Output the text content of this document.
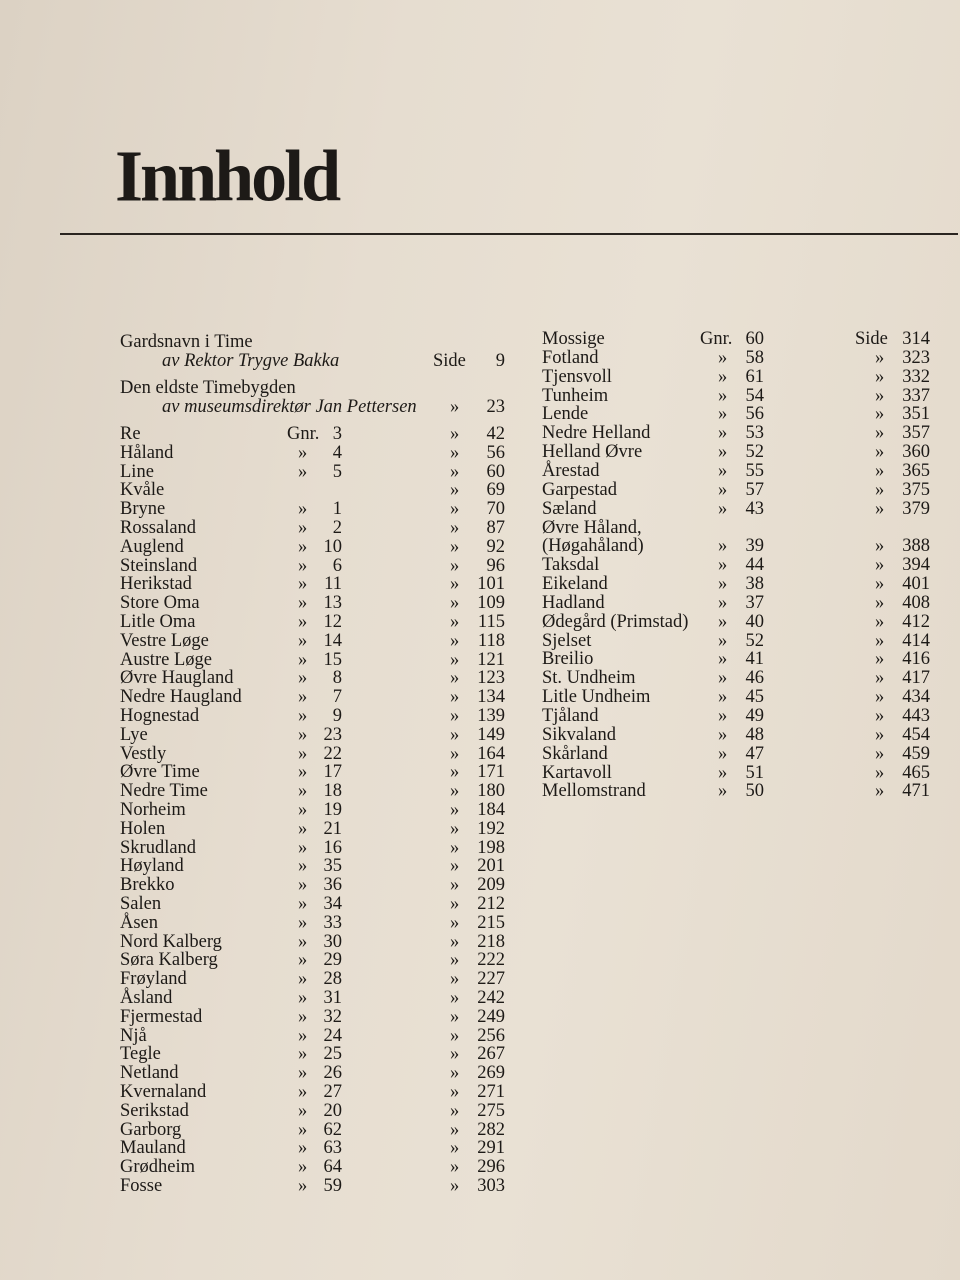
Innhold
Gardsnavn i Time
av Rektor Trygve Bakka	Side	9
Den eldste Timebygden
av museumsdirektør Jan Pettersen »	23
Re	Gnr. 3	»	42
Håland	»	4	»	56
Line	»	5	»	60
Kvåle	»	69
Bryne	»	1	»	70
Rossaland	»	2	»	87
Auglend	» 10	»	92
Steinsland	»	6	»	96
Herikstad	» 11	» 101
Store Oma	» 13	» 109
Litle Oma	» 12	»	115
Vestre Løge	» 14	»	118
Austre Løge	» 15	» 121
Øvre Haugland	»	8	» 123
Nedre Haugland	»	7	» 134
Hognestad	»	9	» 139
Lye	» 23	» 149
Vestly	» 22	» 164
Øvre Time	» 17	» 171
Nedre Time	» 18	» 180
Norheim	» 19	» 184
Holen	» 21	» 192
Skrudland	» 16	» 198
Høyland	» 35	» 201
Brekko	» 36	» 209
Salen	» 34	» 212
Åsen	» 33	» 215
Nord Kalberg	» 30	» 218
Søra Kalberg	» 29	» 222
Frøyland	» 28	» 227
Åsland	» 31	» 242
Fjermestad	» 32	» 249
Njå	» 24	» 256
Tegle	» 25	» 267
Netland	» 26	» 269
Kvernaland	» 27	» 271
Serikstad	» 20	» 275
Garborg	» 62	» 282
Mauland	» 63	» 291
Grødheim	» 64	» 296
Fosse	» 59	» 303
Mossige	Gnr. 60	Side 314
Fotland	» 58	» 323
Tjensvoll	» 61	» 332
Tunheim	» 54	» 337
Lende	» 56	» 351
Nedre Helland	» 53	» 357
Helland Øvre	» 52	» 360
Årestad	» 55	» 365
Garpestad	» 57	» 375
Sæland	» 43	» 379
Øvre Håland,
(Høgahåland)	» 39	» 388
Taksdal	» 44	» 394
Eikeland	» 38	» 401
Hadland	» 37	» 408
Ødegård (Primstad) » 40	» 412
Sjelset	» 52	» 414
Breilio	» 41	» 416
St. Undheim	» 46	» 417
Litle Undheim	» 45	» 434
Tjåland	» 49	» 443
Sikvaland	» 48	» 454
Skårland	» 47	» 459
Kartavoll	» 51	» 465
Mellomstrand	» 50	» 471
